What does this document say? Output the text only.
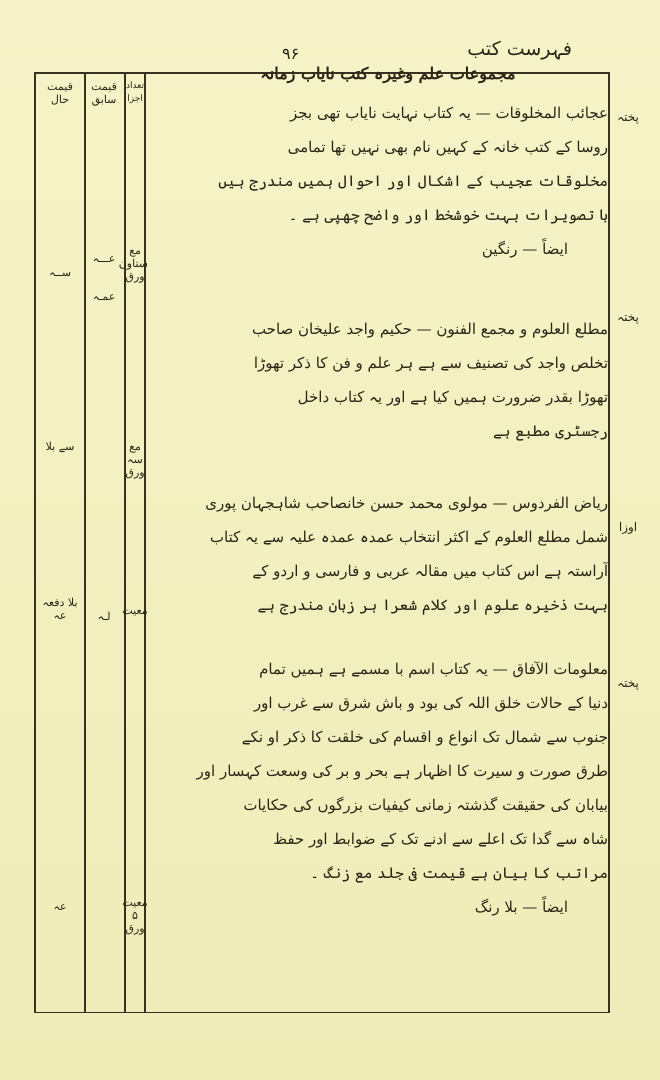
فہرست کتب
۹۶
قیمت حال
قیمت سابق
تعداد اجزا
مجموعات علم وغیرہ کتب نایاب زمانہ
پختہ
عجائب المخلوقات — یہ کتاب نہایت نایاب تھی بجز
روسا کے کتب خانہ کے کہیں نام بھی نہیں تھا تمامی
مخلوقات عجیب کے اشکال اور احوال ہمیں مندرج ہیں
با تصویرات بہت خوشخط اور واضح چھپی ہے ۔
ایضاً — رنگین
مع ستاون ورق
عـــہ
ســہ
پختہ
مطلع العلوم و مجمع الفنون — حکیم واجد علیخان صاحب
تخلص واجد کی تصنیف سے ہے ہر علم و فن کا ذکر تھوڑا
تھوڑا بقدر ضرورت ہمیں کیا ہے اور یہ کتاب داخل
رجسٹری مطبع ہے
مع سہ ورق
عمـہ
سے بلا
اوزا
ریاض الفردوس — مولوی محمد حسن خانصاحب شاہجہان پوری
شمل مطلع العلوم کے اکثر انتخاب عمدہ عمدہ علیہ سے یہ کتاب
آراستہ ہے اس کتاب میں مقالہ عربی و فارسی و اردو کے
بہت ذخیرہ علوم اور کلام شعرا ہر زبان مندرج ہے
معیت
لـہ
بلا دفعہ عہ
پختہ
معلومات الآفاق — یہ کتاب اسم با مسمے ہے ہمیں تمام
دنیا کے حالات خلق اللہ کی بود و باش شرق سے غرب اور
جنوب سے شمال تک انواع و اقسام کی خلقت کا ذکر او نکے
طرق صورت و سیرت کا اظہار ہے بحر و بر کی وسعت کہسار اور
بیابان کی حقیقت گذشتہ زمانی کیفیات بزرگوں کی حکایات
شاہ سے گدا تک اعلے سے ادنے تک کے ضوابط اور حفظ
مراتب کا بیان ہے قیمت فی جلد مع زنگ ۔
ایضاً — بلا رنگ
معیت ۵ ورق
عہ
